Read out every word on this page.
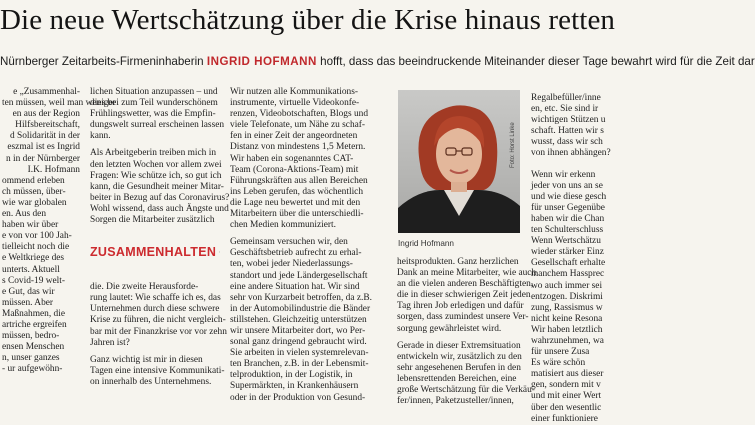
Die neue Wertschätzung über die Krise hinaus retten
Nürnberger Zeitarbeits-Firmeninhaberin INGRID HOFMANN hofft, dass das beeindruckende Miteinander dieser Tage bewahrt wird für die Zeit dar

e „Zusammenhal-

ten müssen, weil man weniger

en aus der Region

Hilfsbereitschaft,

d Solidarität in der

eszmal ist es Ingrid

n in der Nürnberger

I.K. Hofmann

ommend erleben

ch müssen, über-

wie war globalen

en. Aus den

haben wir über

e von vor 100 Jah-

tielleicht noch die

e Weltkriege des

unterts. Aktuell

s Covid-19 welt-

e Gut, das wir

müssen. Aber

Maßnahmen, die

artriche ergreifen

müssen, bedro-

ensen Menschen

n, unser ganzes

- ur aufgewöhn-

lichen Situation anzupassen – und

dies bei zum Teil wunderschönem

Frühlingswetter, was die Empfin-

dungswelt surreal erscheinen lassen

kann.

Als Arbeitgeberin treiben mich in

den letzten Wochen vor allem zwei

Fragen: Wie schütze ich, so gut ich

kann, die Gesundheit meiner Mitar-

beiter in Bezug auf das Coronavirus?

Wohl wissend, dass auch Ängste und

Sorgen die Mitarbeiter zusätzlich

die. Die zweite Herausforde-

rung lautet: Wie schaffe ich es, das

Unternehmen durch diese schwere

Krise zu führen, die nicht vergleich-

bar mit der Finanzkrise vor vor zehn

Jahren ist?

Ganz wichtig ist mir in diesen

Tagen eine intensive Kommunikati-

on innerhalb des Unternehmens.

ZUSAMMENHALTEN

Wir nutzen alle Kommunikations-

instrumente, virtuelle Videokonfe-

renzen, Videobotschaften, Blogs und

viele Telefonate, um Nähe zu schaf-

fen in einer Zeit der angeordneten

Distanz von mindestens 1,5 Metern.

Wir haben ein sogenanntes CAT-

Team (Corona-Aktions-Team) mit

Führungskräften aus allen Bereichen

ins Leben gerufen, das wöchentlich

die Lage neu bewertet und mit den

Mitarbeitern über die unterschiedli-

chen Medien kommuniziert.

Gemeinsam versuchen wir, den

Geschäftsbetrieb aufrecht zu erhal-

ten, wobei jeder Niederlassungs-

standort und jede Ländergesellschaft

eine andere Situation hat. Wir sind

sehr von Kurzarbeit betroffen, da z.B.

in der Automobilindustrie die Bänder

stillstehen. Gleichzeitig unterstützen

wir unsere Mitarbeiter dort, wo Per-

sonal ganz dringend gebraucht wird.

Sie arbeiten in vielen systemrelevan-

ten Branchen, z.B. in der Lebensmit-

telproduktion, in der Logistik, in

Supermärkten, in Krankenhäusern

oder in der Produktion von Gesund-

Foto: Horst Linke
Ingrid Hofmann

heitsprodukten. Ganz herzlichen

Dank an meine Mitarbeiter, wie auch

an die vielen anderen Beschäftigten,

die in dieser schwierigen Zeit jeden

Tag ihren Job erledigen und dafür

sorgen, dass zumindest unsere Ver-

sorgung gewährleistet wird.

Gerade in dieser Extremsituation

entwickeln wir, zusätzlich zu den

sehr angesehenen Berufen in den

lebensrettenden Bereichen, eine

große Wertschätzung für die Verkäu-

fer/innen, Paketzusteller/innen,

Regalbefüller/inne

en, etc. Sie sind ir

wichtigen Stützen u

schaft. Hatten wir s

wusst, dass wir sch

von ihnen abhängen?

Wenn wir erkenn

jeder von uns an se

und wie diese gesch

für unser Gegenübe

haben wir die Chan

ten Schulterschluss

Wenn Wertschätzu

wieder stärker Einz

Gesellschaft erhalte

manchem Hassprec

wo auch immer sei

entzogen. Diskrimi

zung, Rassismus w

nicht keine Resona

Wir haben letztlich

wahrzunehmen, wa

für unsere Zusa

Es wäre schön

matisiert aus dieser

gen, sondern mit v

und mit einer Wert

über den wesentlic

einer funktioniere
